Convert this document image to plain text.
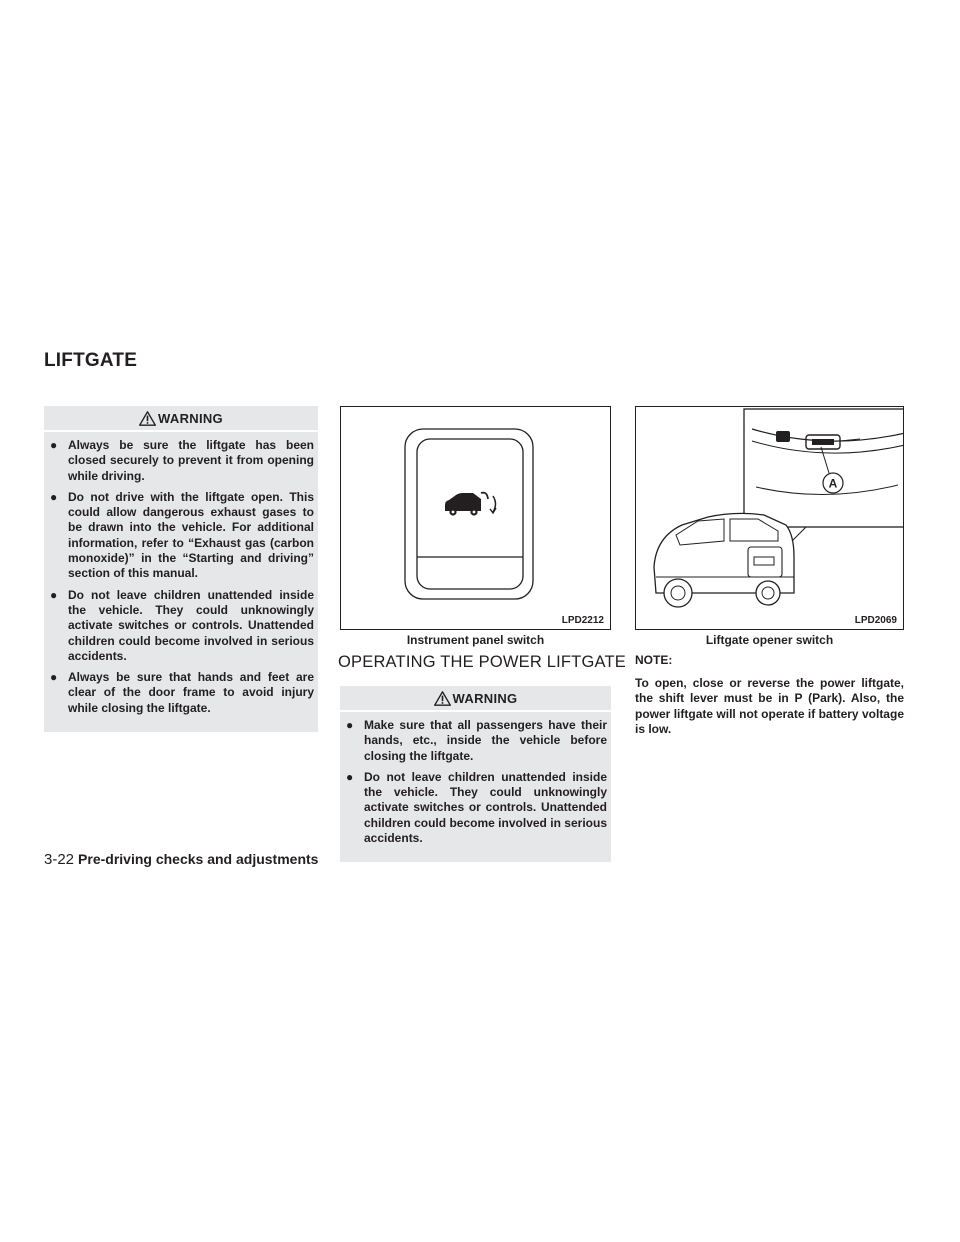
LIFTGATE
WARNING
● Always be sure the liftgate has been closed securely to prevent it from opening while driving.
● Do not drive with the liftgate open. This could allow dangerous exhaust gases to be drawn into the vehicle. For additional information, refer to “Exhaust gas (carbon monoxide)” in the “Starting and driving” section of this manual.
● Do not leave children unattended inside the vehicle. They could unknowingly activate switches or controls. Unattended children could become involved in serious accidents.
● Always be sure that hands and feet are clear of the door frame to avoid injury while closing the liftgate.
LPD2212
Instrument panel switch
OPERATING THE POWER LIFTGATE
WARNING
● Make sure that all passengers have their hands, etc., inside the vehicle before closing the liftgate.
● Do not leave children unattended inside the vehicle. They could unknowingly activate switches or controls. Unattended children could become involved in serious accidents.
A
LPD2069
Liftgate opener switch
NOTE:

To open, close or reverse the power liftgate, the shift lever must be in P (Park). Also, the power liftgate will not operate if battery voltage is low.

3-22 Pre-driving checks and adjustments
